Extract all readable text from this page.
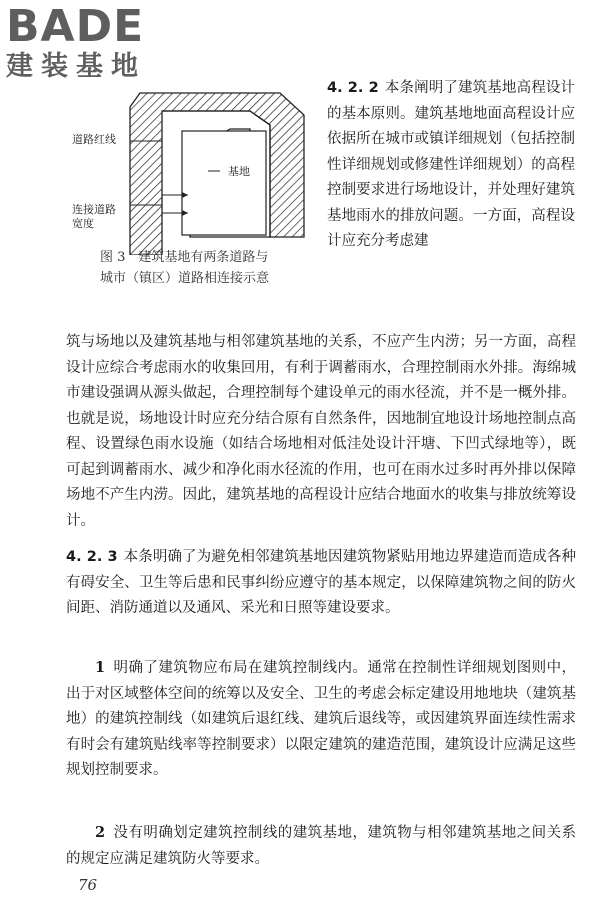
BADE
建装基地
道路红线
基地
连接道路
宽度
图 3　建筑基地有两条道路与
城市（镇区）道路相连接示意

4. 2. 2 本条阐明了建筑基地高程设计的基本原则。建筑基地地面高程设计应依据所在城市或镇详细规划（包括控制性详细规划或修建性详细规划）的高程控制要求进行场地设计，并处理好建筑基地雨水的排放问题。一方面，高程设计应充分考虑建

筑与场地以及建筑基地与相邻建筑基地的关系，不应产生内涝；另一方面，高程设计应综合考虑雨水的收集回用，有利于调蓄雨水，合理控制雨水外排。海绵城市建设强调从源头做起，合理控制每个建设单元的雨水径流，并不是一概外排。也就是说，场地设计时应充分结合原有自然条件，因地制宜地设计场地控制点高程、设置绿色雨水设施（如结合场地相对低洼处设计汗塘、下凹式绿地等），既可起到调蓄雨水、减少和净化雨水径流的作用，也可在雨水过多时再外排以保障场地不产生内涝。因此，建筑基地的高程设计应结合地面水的收集与排放统筹设计。

4. 2. 3 本条明确了为避免相邻建筑基地因建筑物紧贴用地边界建造而造成各种有碍安全、卫生等后患和民事纠纷应遵守的基本规定，以保障建筑物之间的防火间距、消防通道以及通风、采光和日照等建设要求。

1 明确了建筑物应布局在建筑控制线内。通常在控制性详细规划图则中，出于对区域整体空间的统筹以及安全、卫生的考虑会标定建设用地地块（建筑基地）的建筑控制线（如建筑后退红线、建筑后退线等，或因建筑界面连续性需求有时会有建筑贴线率等控制要求）以限定建筑的建造范围，建筑设计应满足这些规划控制要求。

2 没有明确划定建筑控制线的建筑基地，建筑物与相邻建筑基地之间关系的规定应满足建筑防火等要求。

76
